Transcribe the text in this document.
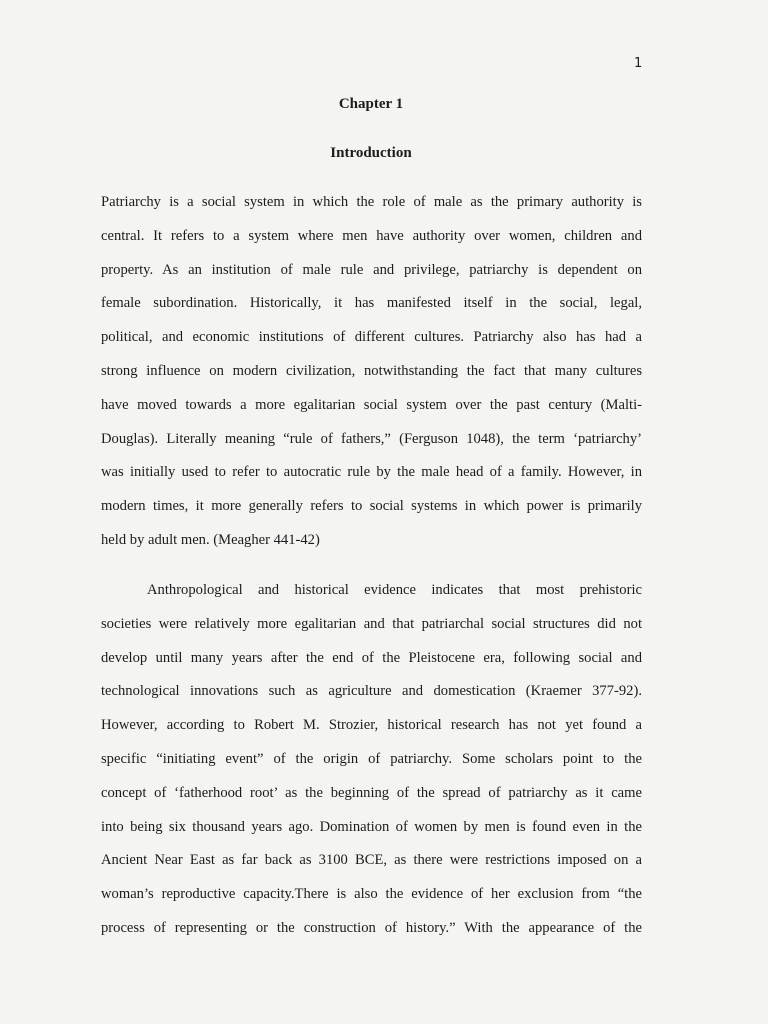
1
Chapter 1
Introduction

Patriarchy is a social system in which the role of male as the primary authority is
central. It refers to a system where men have authority over women, children and
property. As an institution of male rule and privilege, patriarchy is dependent on
female subordination. Historically, it has manifested itself in the social, legal,
political, and economic institutions of different cultures. Patriarchy also has had a
strong influence on modern civilization, notwithstanding the fact that many cultures
have moved towards a more egalitarian social system over the past century (Malti-
Douglas). Literally meaning “rule of fathers,” (Ferguson 1048), the term ‘patriarchy’
was initially used to refer to autocratic rule by the male head of a family. However, in
modern times, it more generally refers to social systems in which power is primarily
held by adult men. (Meagher 441-42)

Anthropological and historical evidence indicates that most prehistoric
societies were relatively more egalitarian and that patriarchal social structures did not
develop until many years after the end of the Pleistocene era, following social and
technological innovations such as agriculture and domestication (Kraemer 377-92).
However, according to Robert M. Strozier, historical research has not yet found a
specific “initiating event” of the origin of patriarchy. Some scholars point to the
concept of ‘fatherhood root’ as the beginning of the spread of patriarchy as it came
into being six thousand years ago. Domination of women by men is found even in the
Ancient Near East as far back as 3100 BCE, as there were restrictions imposed on a
woman’s reproductive capacity.There is also the evidence of her exclusion from “the
process of representing or the construction of history.” With the appearance of the
